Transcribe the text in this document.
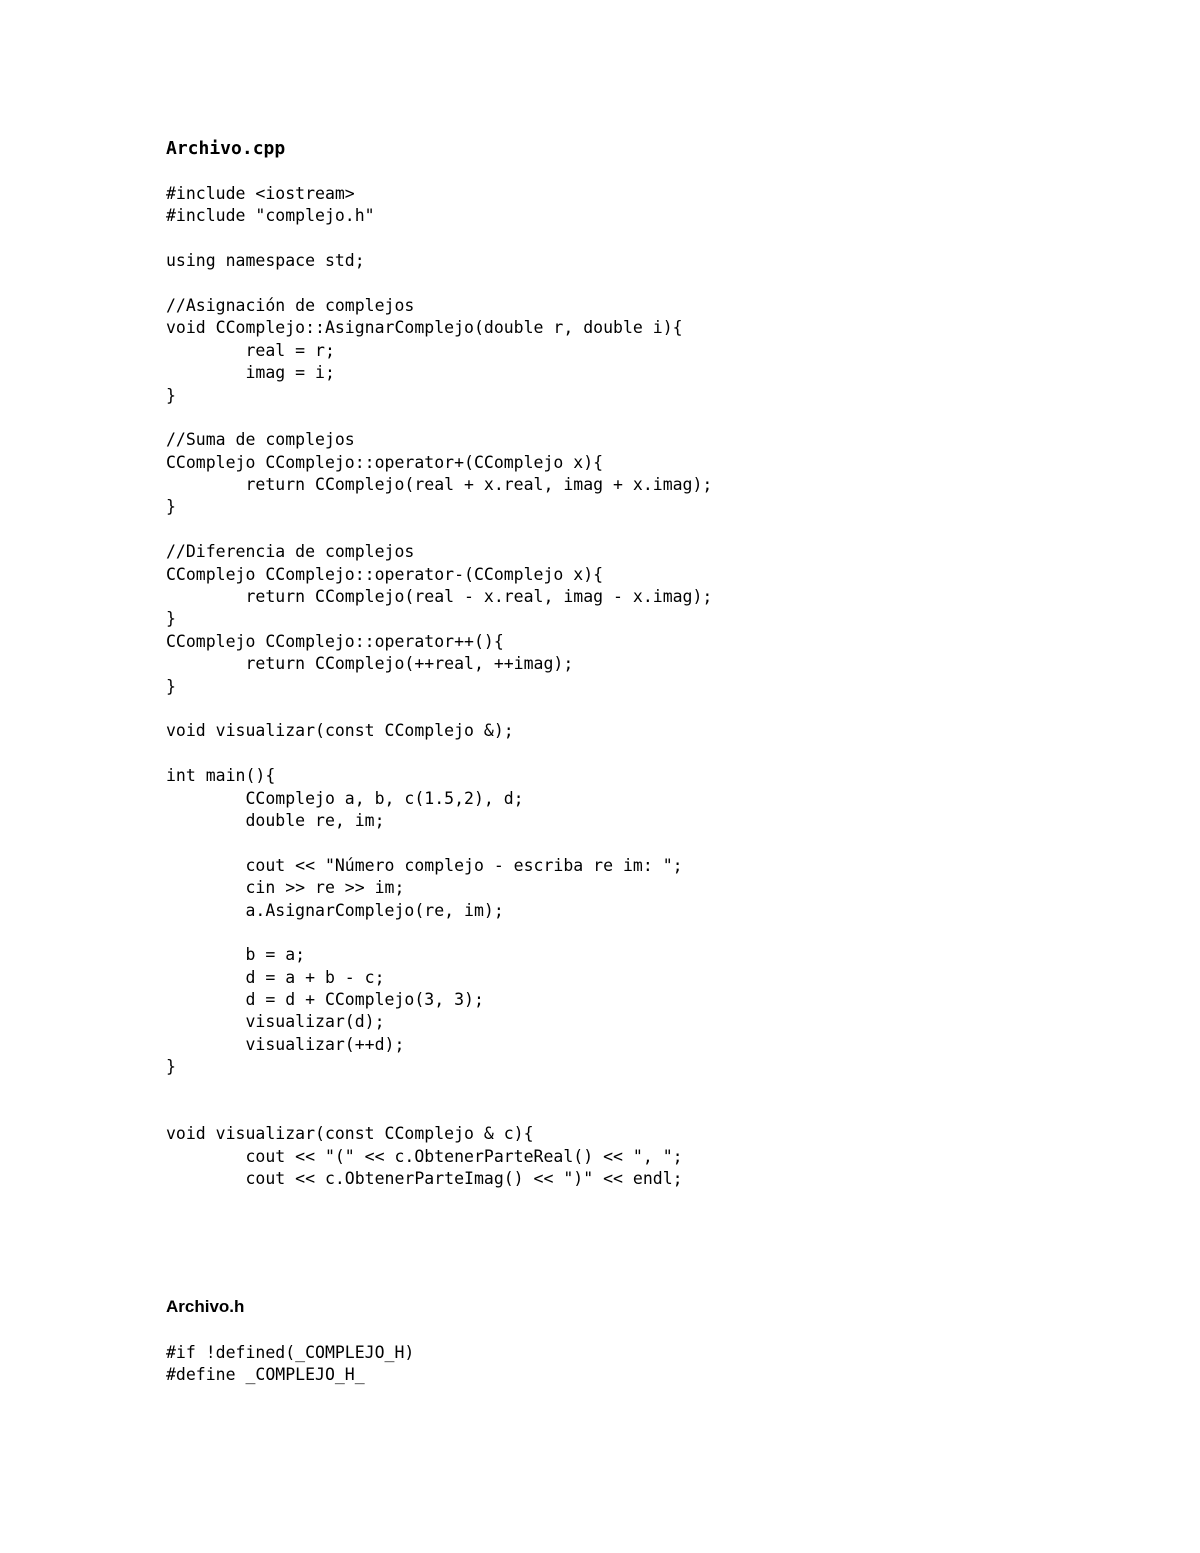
Archivo.cpp
#include <iostream>
#include "complejo.h"
using namespace std;
//Asignación de complejos
void CComplejo::AsignarComplejo(double r, double i){
real = r;
imag = i;
}
//Suma de complejos
CComplejo CComplejo::operator+(CComplejo x){
return CComplejo(real + x.real, imag + x.imag);
}
//Diferencia de complejos
CComplejo CComplejo::operator-(CComplejo x){
return CComplejo(real - x.real, imag - x.imag);
}
CComplejo CComplejo::operator++(){
return CComplejo(++real, ++imag);
}
void visualizar(const CComplejo &);
int main(){
CComplejo a, b, c(1.5,2), d;
double re, im;
cout << "Número complejo - escriba re im: ";
cin >> re >> im;
a.AsignarComplejo(re, im);
b = a;
d = a + b - c;
d = d + CComplejo(3, 3);
visualizar(d);
visualizar(++d);
}
void visualizar(const CComplejo & c){
cout << "(" << c.ObtenerParteReal() << ", ";
cout << c.ObtenerParteImag() << ")" << endl;
Archivo.h
#if !defined(_COMPLEJO_H)
#define _COMPLEJO_H_
